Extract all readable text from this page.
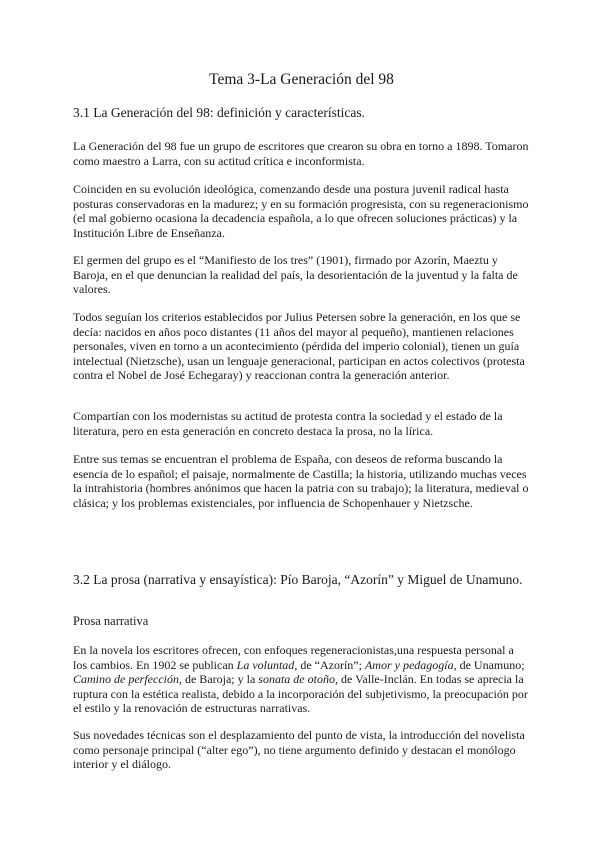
Tema 3-La Generación del 98
3.1 La Generación del 98: definición y características.

La Generación del 98 fue un grupo de escritores que crearon su obra en torno a 1898. Tomaron como maestro a Larra, con su actitud crítica e inconformista.

Coinciden en su evolución ideológica, comenzando desde una postura juvenil radical hasta posturas conservadoras en la madurez; y en su formación progresista, con su regeneracionismo (el mal gobierno ocasiona la decadencia española, a lo que ofrecen soluciones prácticas) y la Institución Libre de Enseñanza.

El germen del grupo es el “Manifiesto de los tres” (1901), firmado por Azorín, Maeztu y Baroja, en el que denuncian la realidad del país, la desorientación de la juventud y la falta de valores.

Todos seguían los criterios establecidos por Julius Petersen sobre la generación, en los que se decía: nacidos en años poco distantes (11 años del mayor al pequeño), mantienen relaciones personales, viven en torno a un acontecimiento (pérdida del imperio colonial), tienen un guía intelectual (Nietzsche), usan un lenguaje generacional, participan en actos colectivos (protesta contra el Nobel de José Echegaray) y reaccionan contra la generación anterior.

Compartían con los modernistas su actitud de protesta contra la sociedad y el estado de la literatura, pero en esta generación en concreto destaca la prosa, no la lírica.

Entre sus temas se encuentran el problema de España, con deseos de reforma buscando la esencia de lo español; el paisaje, normalmente de Castilla; la historia, utilizando muchas veces la intrahistoria (hombres anónimos que hacen la patria con su trabajo); la literatura, medieval o clásica; y los problemas existenciales, por influencia de Schopenhauer y Nietzsche.

3.2 La prosa (narrativa y ensayística): Pío Baroja, “Azorín” y Miguel de Unamuno.
Prosa narrativa

En la novela los escritores ofrecen, con enfoques regeneracionistas,una respuesta personal a los cambios. En 1902 se publican La voluntad, de “Azorín”; Amor y pedagogía, de Unamuno; Camino de perfección, de Baroja; y la sonata de otoño, de Valle-Inclán. En todas se aprecia la ruptura con la estética realista, debido a la incorporación del subjetivismo, la preocupación por el estilo y la renovación de estructuras narrativas.

Sus novedades técnicas son el desplazamiento del punto de vista, la introducción del novelista como personaje principal (“alter ego”), no tiene argumento definido y destacan el monólogo interior y el diálogo.
